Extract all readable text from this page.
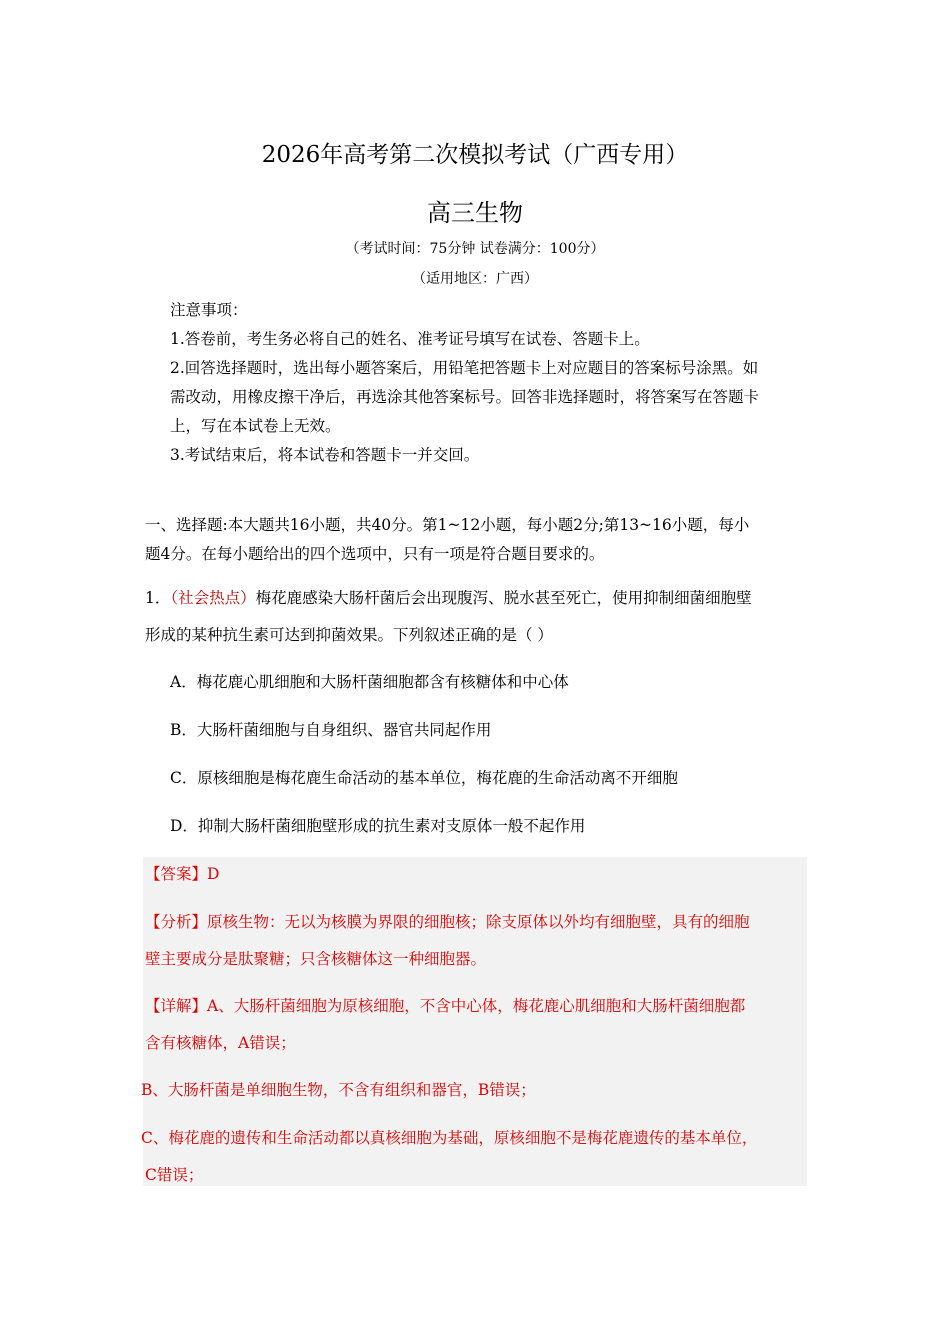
2026年高考第二次模拟考试（广西专用）
高三生物
（考试时间：75分钟 试卷满分：100分）
（适用地区：广西）
注意事项：
1.答卷前，考生务必将自己的姓名、准考证号填写在试卷、答题卡上。
2.回答选择题时，选出每小题答案后，用铅笔把答题卡上对应题目的答案标号涂黑。如
需改动，用橡皮擦干净后，再选涂其他答案标号。回答非选择题时，将答案写在答题卡
上，写在本试卷上无效。
3.考试结束后，将本试卷和答题卡一并交回。
一、选择题:本大题共16小题，共40分。第1~12小题，每小题2分;第13~16小题，每小
题4分。在每小题给出的四个选项中，只有一项是符合题目要求的。
1．（社会热点）梅花鹿感染大肠杆菌后会出现腹泻、脱水甚至死亡，使用抑制细菌细胞壁
形成的某种抗生素可达到抑菌效果。下列叙述正确的是（ ）
A．梅花鹿心肌细胞和大肠杆菌细胞都含有核糖体和中心体
B．大肠杆菌细胞与自身组织、器官共同起作用
C．原核细胞是梅花鹿生命活动的基本单位，梅花鹿的生命活动离不开细胞
D．抑制大肠杆菌细胞壁形成的抗生素对支原体一般不起作用
【答案】D
【分析】原核生物：无以为核膜为界限的细胞核；除支原体以外均有细胞壁，具有的细胞
壁主要成分是肽聚糖；只含核糖体这一种细胞器。
【详解】A、大肠杆菌细胞为原核细胞，不含中心体，梅花鹿心肌细胞和大肠杆菌细胞都
含有核糖体，A错误；
B、大肠杆菌是单细胞生物，不含有组织和器官，B错误；
C、梅花鹿的遗传和生命活动都以真核细胞为基础，原核细胞不是梅花鹿遗传的基本单位，
C错误；
